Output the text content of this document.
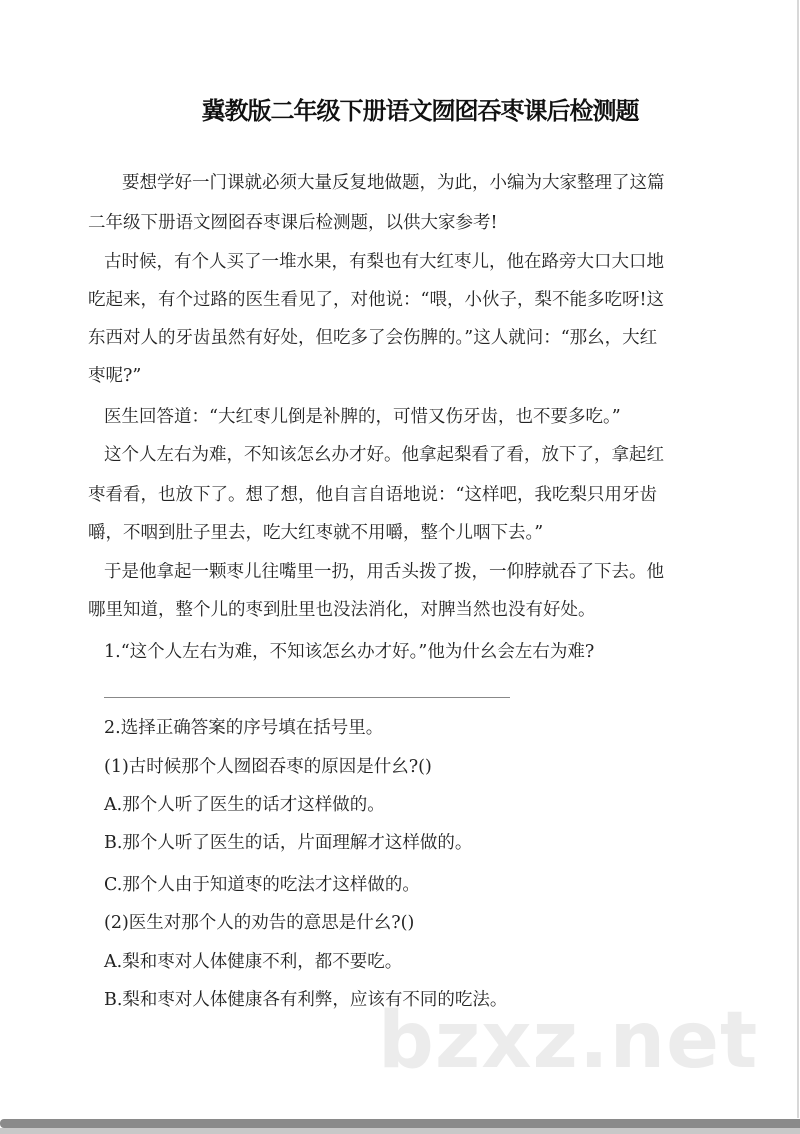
冀教版二年级下册语文囫囵吞枣课后检测题
要想学好一门课就必须大量反复地做题，为此，小编为大家整理了这篇
二年级下册语文囫囵吞枣课后检测题，以供大家参考!
古时候，有个人买了一堆水果，有梨也有大红枣儿，他在路旁大口大口地
吃起来，有个过路的医生看见了，对他说：“喂，小伙子，梨不能多吃呀!这
东西对人的牙齿虽然有好处，但吃多了会伤脾的。”这人就问：“那幺，大红
枣呢?”
医生回答道：“大红枣儿倒是补脾的，可惜又伤牙齿，也不要多吃。”
这个人左右为难，不知该怎幺办才好。他拿起梨看了看，放下了，拿起红
枣看看，也放下了。想了想，他自言自语地说：“这样吧，我吃梨只用牙齿
嚼，不咽到肚子里去，吃大红枣就不用嚼，整个儿咽下去。”
于是他拿起一颗枣儿往嘴里一扔，用舌头拨了拨，一仰脖就吞了下去。他
哪里知道，整个儿的枣到肚里也没法消化，对脾当然也没有好处。
1.“这个人左右为难，不知该怎幺办才好。”他为什幺会左右为难?
2.选择正确答案的序号填在括号里。
(1)古时候那个人囫囵吞枣的原因是什幺?()
A.那个人听了医生的话才这样做的。
B.那个人听了医生的话，片面理解才这样做的。
C.那个人由于知道枣的吃法才这样做的。
(2)医生对那个人的劝告的意思是什幺?()
A.梨和枣对人体健康不利，都不要吃。
B.梨和枣对人体健康各有利弊，应该有不同的吃法。
bzxz.net
